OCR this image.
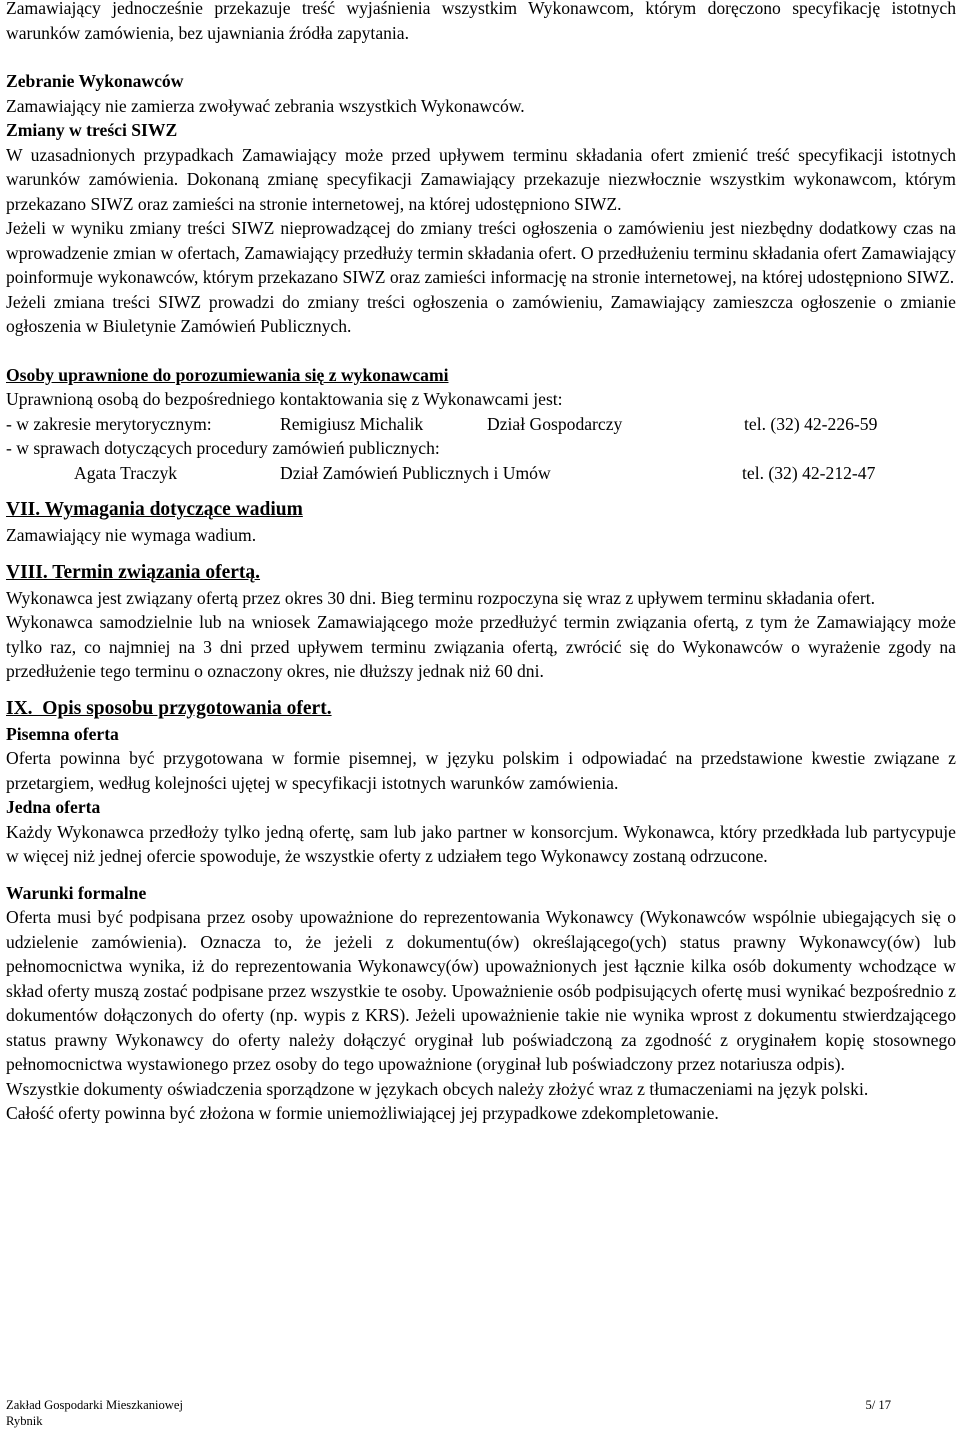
Zamawiający jednocześnie przekazuje treść wyjaśnienia wszystkim Wykonawcom, którym doręczono specyfikację istotnych warunków zamówienia, bez ujawniania źródła zapytania.

Zebranie Wykonawców

Zamawiający nie zamierza zwoływać zebrania wszystkich Wykonawców.

Zmiany w treści SIWZ

W uzasadnionych przypadkach Zamawiający może przed upływem terminu składania ofert zmienić treść specyfikacji istotnych warunków zamówienia. Dokonaną zmianę specyfikacji Zamawiający przekazuje niezwłocznie wszystkim wykonawcom, którym przekazano SIWZ oraz zamieści na stronie internetowej, na której udostępniono SIWZ.

Jeżeli w wyniku zmiany treści SIWZ nieprowadzącej do zmiany treści ogłoszenia o zamówieniu jest niezbędny dodatkowy czas na wprowadzenie zmian w ofertach, Zamawiający przedłuży termin składania ofert. O przedłużeniu terminu składania ofert Zamawiający poinformuje wykonawców, którym przekazano SIWZ oraz zamieści informację na stronie internetowej, na której udostępniono SIWZ.

Jeżeli zmiana treści SIWZ prowadzi do zmiany treści ogłoszenia o zamówieniu, Zamawiający zamieszcza ogłoszenie o zmianie ogłoszenia w Biuletynie Zamówień Publicznych.

Osoby uprawnione do porozumiewania się z wykonawcami

Uprawnioną osobą do bezpośredniego kontaktowania się z Wykonawcami jest:

- w zakresie merytorycznym:	Remigiusz Michalik	Dział Gospodarczy	tel. (32) 42-226-59
- w sprawach dotyczących procedury zamówień publicznych:
Agata Traczyk	Dział Zamówień Publicznych i Umów	tel. (32) 42-212-47

VII. Wymagania dotyczące wadium

Zamawiający nie wymaga wadium.

VIII. Termin związania ofertą.

Wykonawca jest związany ofertą przez okres 30 dni. Bieg terminu rozpoczyna się wraz z upływem terminu składania ofert.

Wykonawca samodzielnie lub na wniosek Zamawiającego może przedłużyć termin związania ofertą, z tym że Zamawiający może tylko raz, co najmniej na 3 dni przed upływem terminu związania ofertą, zwrócić się do Wykonawców o wyrażenie zgody na przedłużenie tego terminu o oznaczony okres, nie dłuższy jednak niż 60 dni.

IX.  Opis sposobu przygotowania ofert.

Pisemna oferta

Oferta powinna być przygotowana w formie pisemnej, w języku polskim i odpowiadać na przedstawione kwestie związane z przetargiem, według kolejności ujętej w specyfikacji istotnych warunków zamówienia.

Jedna oferta

Każdy Wykonawca przedłoży tylko jedną ofertę, sam lub jako partner w konsorcjum. Wykonawca, który przedkłada lub partycypuje w więcej niż jednej ofercie spowoduje, że wszystkie oferty z udziałem tego Wykonawcy zostaną odrzucone.

Warunki formalne

Oferta musi być podpisana przez osoby upoważnione do reprezentowania Wykonawcy (Wykonawców wspólnie ubiegających się o udzielenie zamówienia). Oznacza to, że jeżeli z dokumentu(ów) określającego(ych) status prawny Wykonawcy(ów) lub pełnomocnictwa wynika, iż do reprezentowania Wykonawcy(ów) upoważnionych jest łącznie kilka osób dokumenty wchodzące w skład oferty muszą zostać podpisane przez wszystkie te osoby. Upoważnienie osób podpisujących ofertę musi wynikać bezpośrednio z dokumentów dołączonych do oferty (np. wypis z KRS). Jeżeli upoważnienie takie nie wynika wprost z dokumentu stwierdzającego status prawny Wykonawcy do oferty należy dołączyć oryginał lub poświadczoną za zgodność z oryginałem kopię stosownego pełnomocnictwa wystawionego przez osoby do tego upoważnione (oryginał lub poświadczony przez notariusza odpis).

Wszystkie dokumenty oświadczenia sporządzone w językach obcych należy złożyć wraz z tłumaczeniami na język polski.

Całość oferty powinna być złożona w formie uniemożliwiającej jej przypadkowe zdekompletowanie.

Zakład Gospodarki Mieszkaniowej
Rybnik
5/ 17
